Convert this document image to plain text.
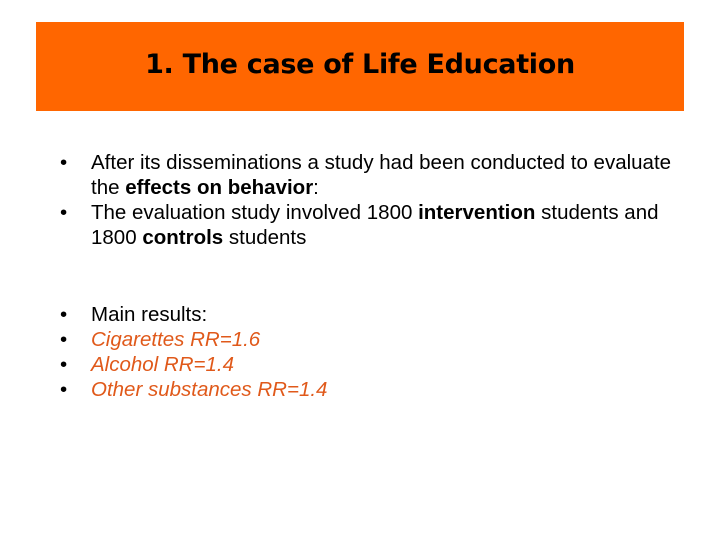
1. The case of Life Education
• After its disseminations a study had been conducted to evaluate the effects on behavior:
• The evaluation study involved 1800 intervention students and 1800 controls students
• Main results:
• Cigarettes RR=1.6
• Alcohol RR=1.4
• Other substances RR=1.4
